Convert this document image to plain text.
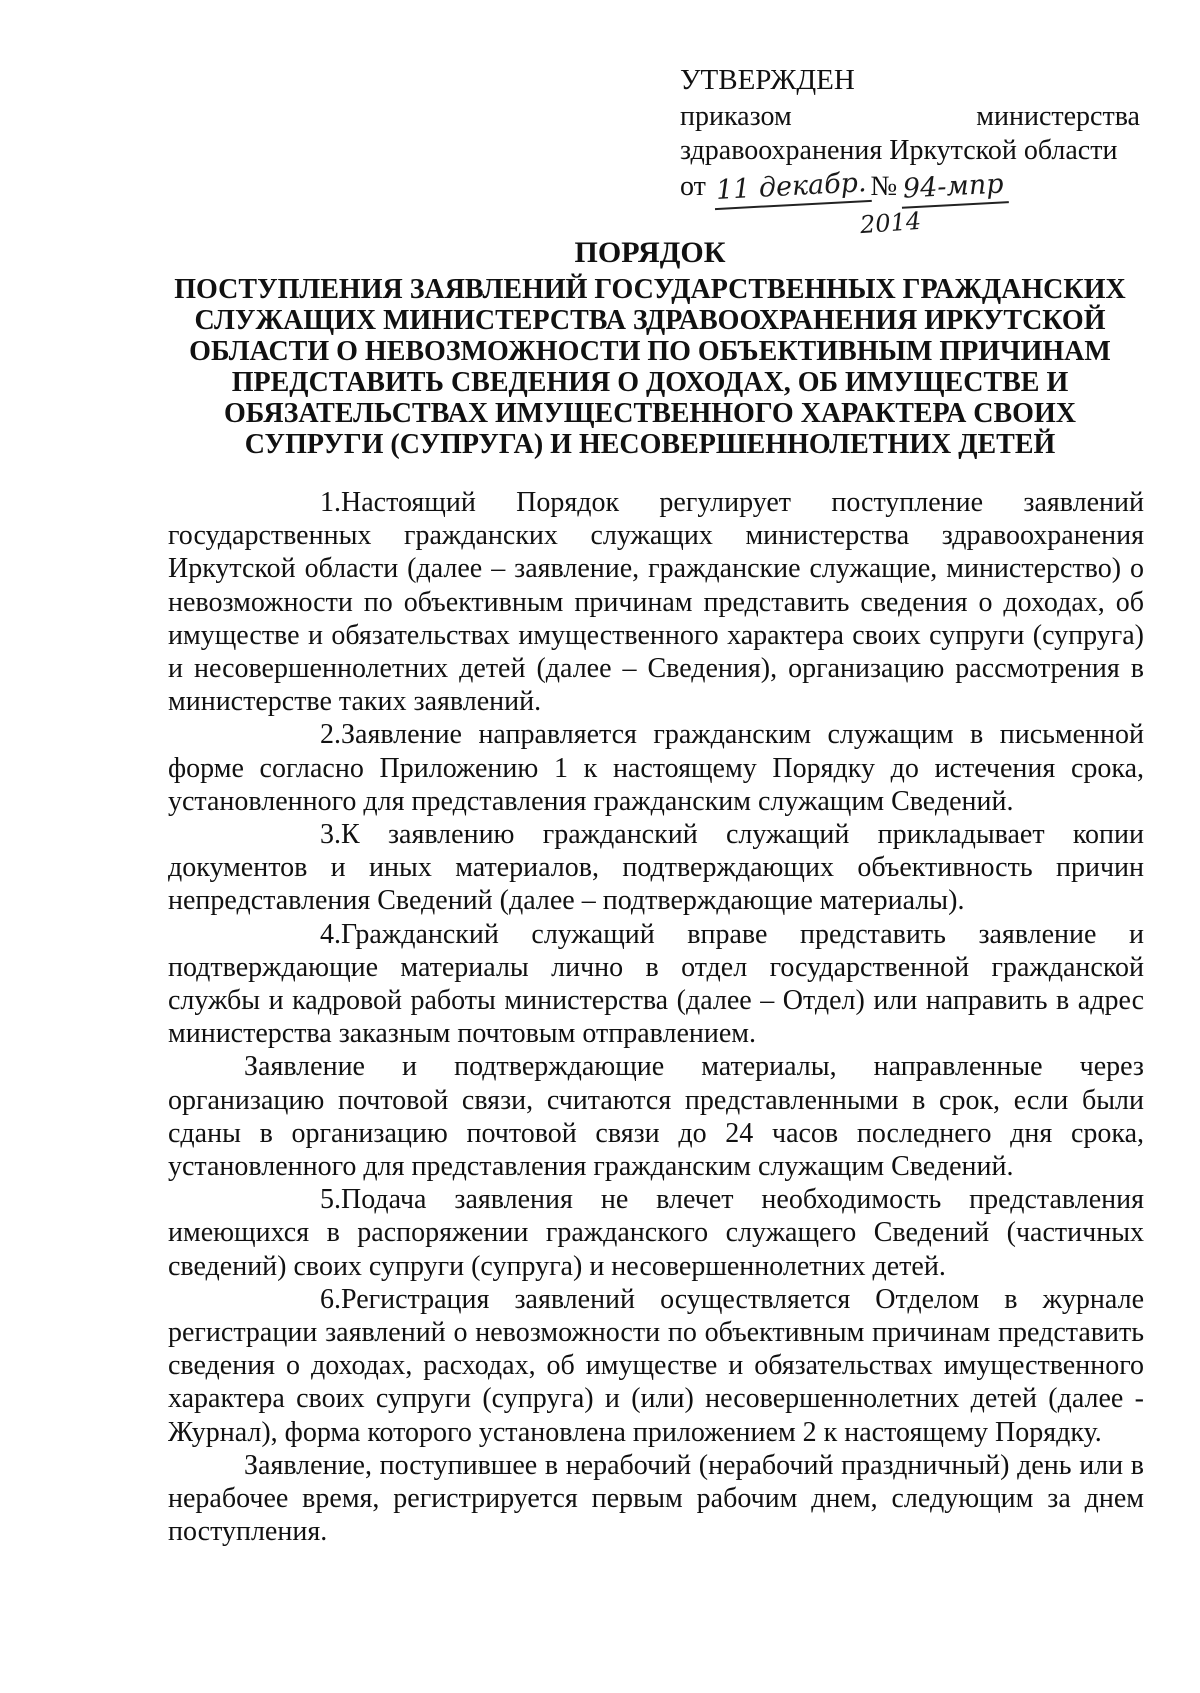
УТВЕРЖДЕН
приказом	министерства
здравоохранения Иркутской области
от 11 декабр. № 94-мпр
2014
ПОРЯДОК
ПОСТУПЛЕНИЯ ЗАЯВЛЕНИЙ ГОСУДАРСТВЕННЫХ ГРАЖДАНСКИХ
СЛУЖАЩИХ МИНИСТЕРСТВА ЗДРАВООХРАНЕНИЯ ИРКУТСКОЙ
ОБЛАСТИ О НЕВОЗМОЖНОСТИ ПО ОБЪЕКТИВНЫМ ПРИЧИНАМ
ПРЕДСТАВИТЬ СВЕДЕНИЯ О ДОХОДАХ, ОБ ИМУЩЕСТВЕ И
ОБЯЗАТЕЛЬСТВАХ ИМУЩЕСТВЕННОГО ХАРАКТЕРА СВОИХ
СУПРУГИ (СУПРУГА) И НЕСОВЕРШЕННОЛЕТНИХ ДЕТЕЙ

1.Настоящий Порядок регулирует поступление заявлений государственных гражданских служащих министерства здравоохранения Иркутской области (далее – заявление, гражданские служащие, министерство) о невозможности по объективным причинам представить сведения о доходах, об имуществе и обязательствах имущественного характера своих супруги (супруга) и несовершеннолетних детей (далее – Сведения), организацию рассмотрения в министерстве таких заявлений.

2.Заявление направляется гражданским служащим в письменной форме согласно Приложению 1 к настоящему Порядку до истечения срока, установленного для представления гражданским служащим Сведений.

3.К заявлению гражданский служащий прикладывает копии документов и иных материалов, подтверждающих объективность причин непредставления Сведений (далее – подтверждающие материалы).

4.Гражданский служащий вправе представить заявление и подтверждающие материалы лично в отдел государственной гражданской службы и кадровой работы министерства (далее – Отдел) или направить в адрес министерства заказным почтовым отправлением.

Заявление и подтверждающие материалы, направленные через организацию почтовой связи, считаются представленными в срок, если были сданы в организацию почтовой связи до 24 часов последнего дня срока, установленного для представления гражданским служащим Сведений.

5.Подача заявления не влечет необходимость представления имеющихся в распоряжении гражданского служащего Сведений (частичных сведений) своих супруги (супруга) и несовершеннолетних детей.

6.Регистрация заявлений осуществляется Отделом в журнале регистрации заявлений о невозможности по объективным причинам представить сведения о доходах, расходах, об имуществе и обязательствах имущественного характера своих супруги (супруга) и (или) несовершеннолетних детей (далее - Журнал), форма которого установлена приложением 2 к настоящему Порядку.

Заявление, поступившее в нерабочий (нерабочий праздничный) день или в нерабочее время, регистрируется первым рабочим днем, следующим за днем поступления.
